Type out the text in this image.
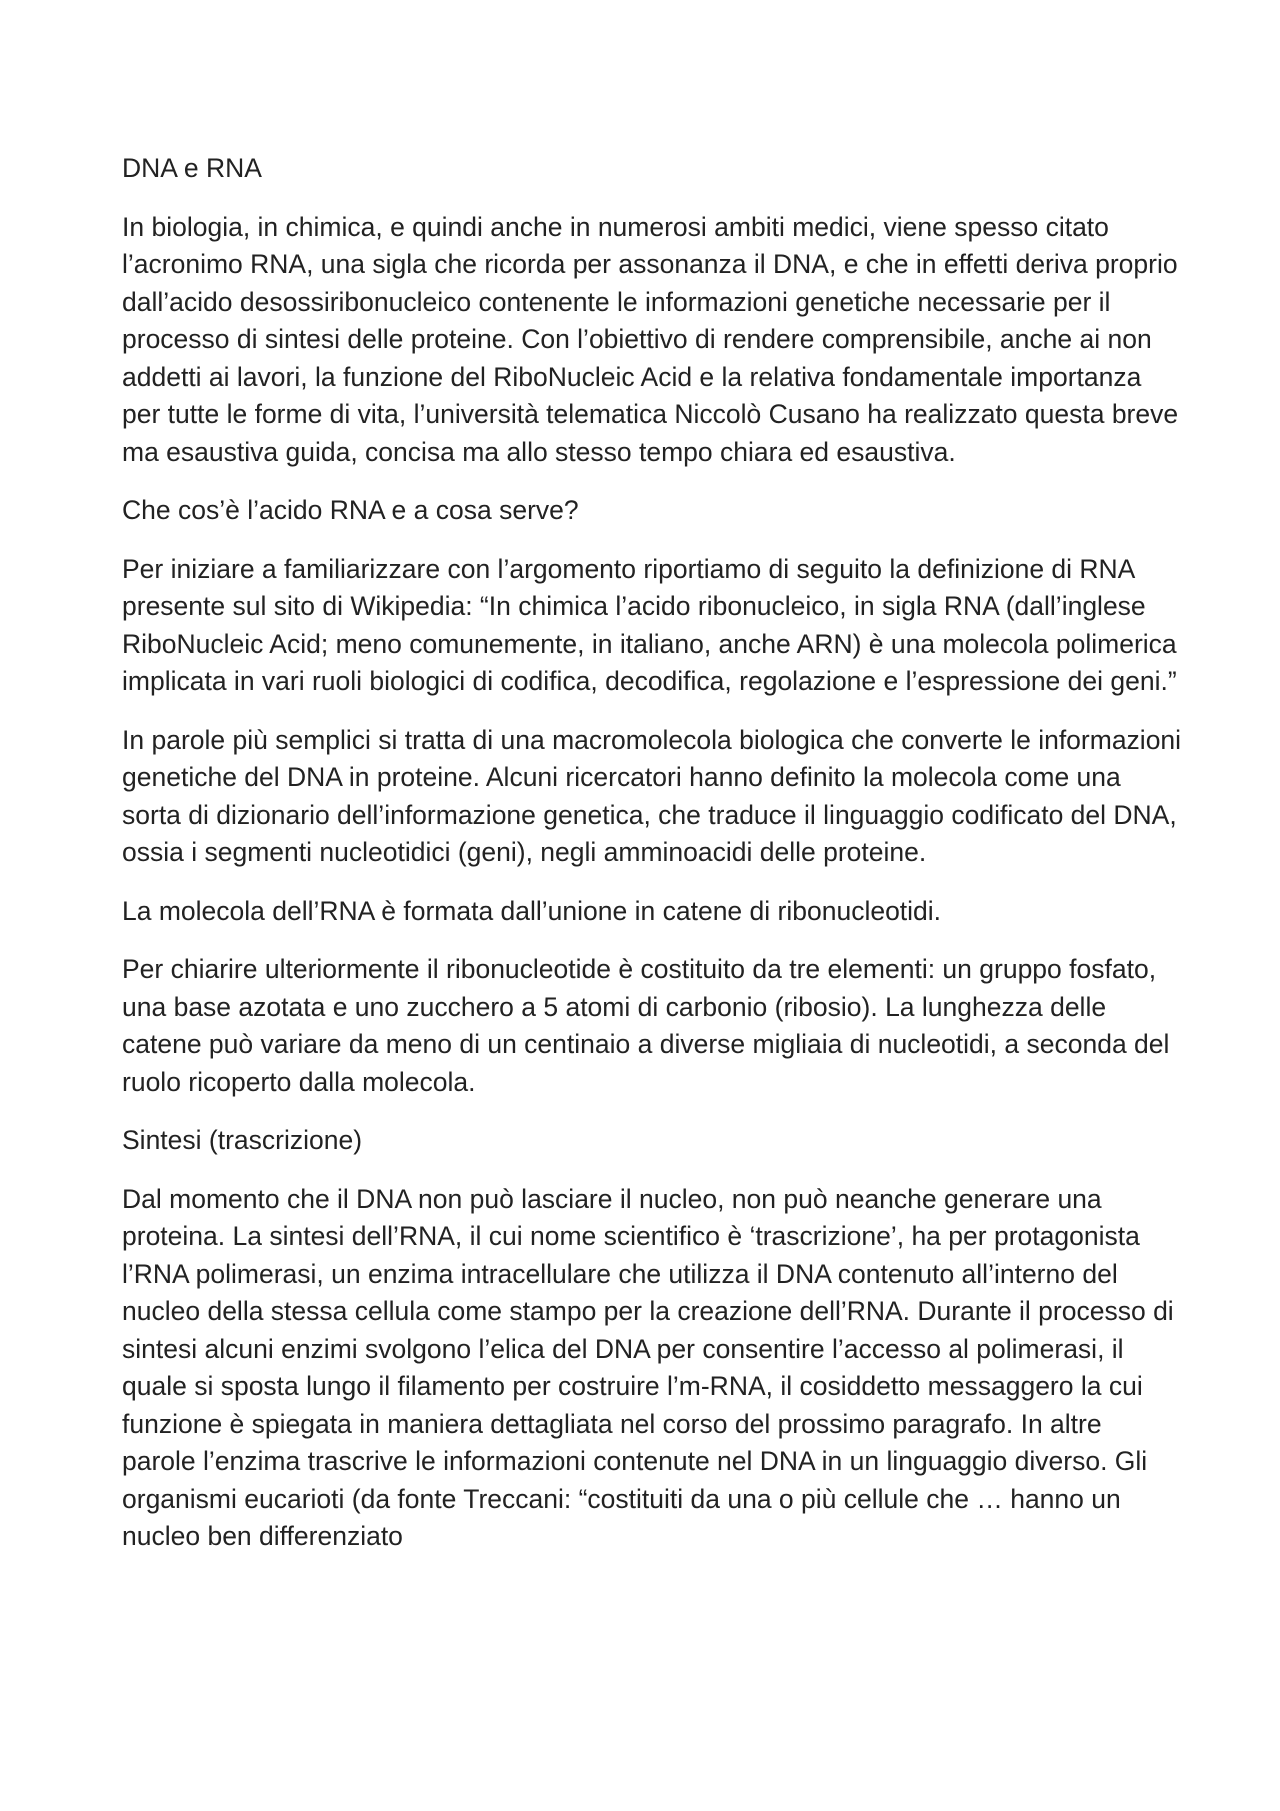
DNA e RNA

In biologia, in chimica, e quindi anche in numerosi ambiti medici, viene spesso citato l’acronimo RNA, una sigla che ricorda per assonanza il DNA, e che in effetti deriva proprio dall’acido desossiribonucleico contenente le informazioni genetiche necessarie per il processo di sintesi delle proteine. Con l’obiettivo di rendere comprensibile, anche ai non addetti ai lavori, la funzione del RiboNucleic Acid e la relativa fondamentale importanza per tutte le forme di vita, l’università telematica Niccolò Cusano ha realizzato questa breve ma esaustiva guida, concisa ma allo stesso tempo chiara ed esaustiva.

Che cos’è l’acido RNA e a cosa serve?

Per iniziare a familiarizzare con l’argomento riportiamo di seguito la definizione di RNA presente sul sito di Wikipedia: “In chimica l’acido ribonucleico, in sigla RNA (dall’inglese RiboNucleic Acid; meno comunemente, in italiano, anche ARN) è una molecola polimerica implicata in vari ruoli biologici di codifica, decodifica, regolazione e l’espressione dei geni.”

In parole più semplici si tratta di una macromolecola biologica che converte le informazioni genetiche del DNA in proteine. Alcuni ricercatori hanno definito la molecola come una sorta di dizionario dell’informazione genetica, che traduce il linguaggio codificato del DNA, ossia i segmenti nucleotidici (geni), negli amminoacidi delle proteine.

La molecola dell’RNA è formata dall’unione in catene di ribonucleotidi.

Per chiarire ulteriormente il ribonucleotide è costituito da tre elementi: un gruppo fosfato, una base azotata e uno zucchero a 5 atomi di carbonio (ribosio). La lunghezza delle catene può variare da meno di un centinaio a diverse migliaia di nucleotidi, a seconda del ruolo ricoperto dalla molecola.

Sintesi (trascrizione)

Dal momento che il DNA non può lasciare il nucleo, non può neanche generare una proteina. La sintesi dell’RNA, il cui nome scientifico è ‘trascrizione’, ha per protagonista l’RNA polimerasi, un enzima intracellulare che utilizza il DNA contenuto all’interno del nucleo della stessa cellula come stampo per la creazione dell’RNA. Durante il processo di sintesi alcuni enzimi svolgono l’elica del DNA per consentire l’accesso al polimerasi, il quale si sposta lungo il filamento per costruire l’m-RNA, il cosiddetto messaggero la cui funzione è spiegata in maniera dettagliata nel corso del prossimo paragrafo. In altre parole l’enzima trascrive le informazioni contenute nel DNA in un linguaggio diverso. Gli organismi eucarioti (da fonte Treccani: “costituiti da una o più cellule che … hanno un nucleo ben differenziato
